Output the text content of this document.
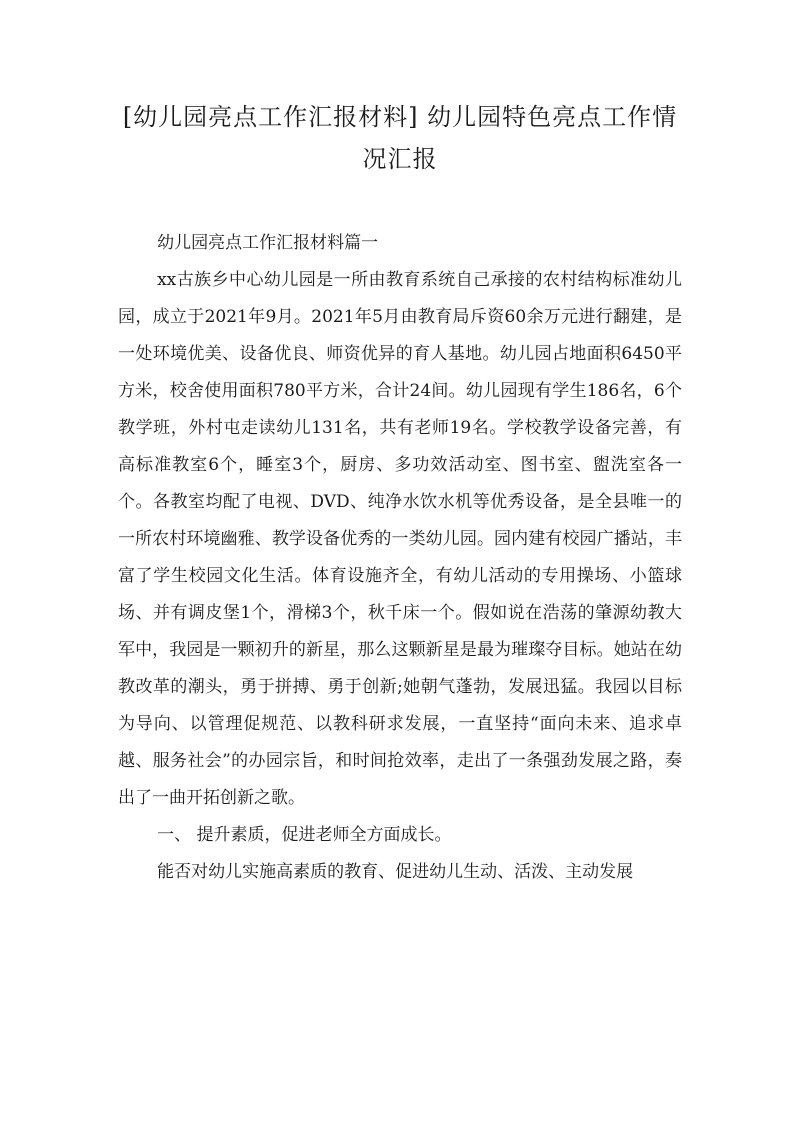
[幼儿园亮点工作汇报材料] 幼儿园特色亮点工作情
况汇报

幼儿园亮点工作汇报材料篇一

xx古族乡中心幼儿园是一所由教育系统自己承接的农村结构标准幼儿园，成立于2021年9月。2021年5月由教育局斥资60余万元进行翻建，是一处环境优美、设备优良、师资优异的育人基地。幼儿园占地面积6450平方米，校舍使用面积780平方米，合计24间。幼儿园现有学生186名，6个教学班，外村屯走读幼儿131名，共有老师19名。学校教学设备完善，有高标准教室6个，睡室3个，厨房、多功效活动室、图书室、盥洗室各一个。各教室均配了电视、DVD、纯净水饮水机等优秀设备，是全县唯一的一所农村环境幽雅、教学设备优秀的一类幼儿园。园内建有校园广播站，丰富了学生校园文化生活。体育设施齐全，有幼儿活动的专用操场、小篮球场、并有调皮堡1个，滑梯3个，秋千床一个。假如说在浩荡的肇源幼教大军中，我园是一颗初升的新星，那么这颗新星是最为璀璨夺目标。她站在幼教改革的潮头，勇于拼搏、勇于创新;她朝气蓬勃，发展迅猛。我园以目标为导向、以管理促规范、以教科研求发展，一直坚持“面向未来、追求卓越、服务社会”的办园宗旨，和时间抢效率，走出了一条强劲发展之路，奏出了一曲开拓创新之歌。

一、 提升素质，促进老师全方面成长。

能否对幼儿实施高素质的教育、促进幼儿生动、活泼、主动发展
